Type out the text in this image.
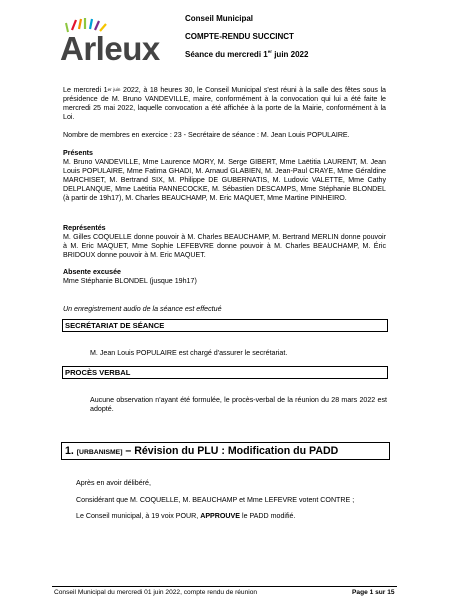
Arleux
Conseil Municipal
COMPTE-RENDU SUCCINCT
Séance du mercredi 1er juin 2022
Le mercredi $1^{er juin}$ 2022, à 18 heures 30, le Conseil Municipal s'est réuni à la salle des fêtes sous la présidence de M. Bruno VANDEVILLE, maire, conformément à la convocation qui lui a été faite le mercredi 25 mai 2022, laquelle convocation a été affichée à la porte de la Mairie, conformément à la Loi.
Nombre de membres en exercice : 23 - Secrétaire de séance : M. Jean Louis POPULAIRE.
Présents
M. Bruno VANDEVILLE, Mme Laurence MORY, M. Serge GIBERT, Mme Laëtitia LAURENT, M. Jean Louis POPULAIRE, Mme Fatima GHADI, M. Arnaud GLABIEN, M. Jean-Paul CRAYE, Mme Géraldine MARCHISET, M. Bertrand SIX, M. Philippe DE GUBERNATIS, M. Ludovic VALETTE, Mme Cathy DELPLANQUE, Mme Laëtitia PANNECOCKE, M. Sébastien DESCAMPS, Mme Stéphanie BLONDEL (à partir de 19h17), M. Charles BEAUCHAMP, M. Eric MAQUET, Mme Martine PINHEIRO.
Représentés
M. Gilles COQUELLE donne pouvoir à M. Charles BEAUCHAMP, M. Bertrand MERLIN donne pouvoir à M. Eric MAQUET, Mme Sophie LEFEBVRE donne pouvoir à M. Charles BEAUCHAMP, M. Éric BRIDOUX donne pouvoir à M. Eric MAQUET.
Absente excusée
Mme Stéphanie BLONDEL (jusque 19h17)
Un enregistrement audio de la séance est effectué
SECRÉTARIAT DE SÉANCE
M. Jean Louis POPULAIRE est chargé d'assurer le secrétariat.
PROCÈS VERBAL
Aucune observation n'ayant été formulée, le procès-verbal de la réunion du 28 mars 2022 est adopté.
1. [URBANISME] – Révision du PLU : Modification du PADD
Après en avoir délibéré,
Considérant que M. COQUELLE, M. BEAUCHAMP et Mme LEFEVRE votent CONTRE ;
Le Conseil municipal, à 19 voix POUR, APPROUVE le PADD modifié.
Conseil Municipal du mercredi 01 juin 2022, compte rendu de réunion	Page 1 sur 15
